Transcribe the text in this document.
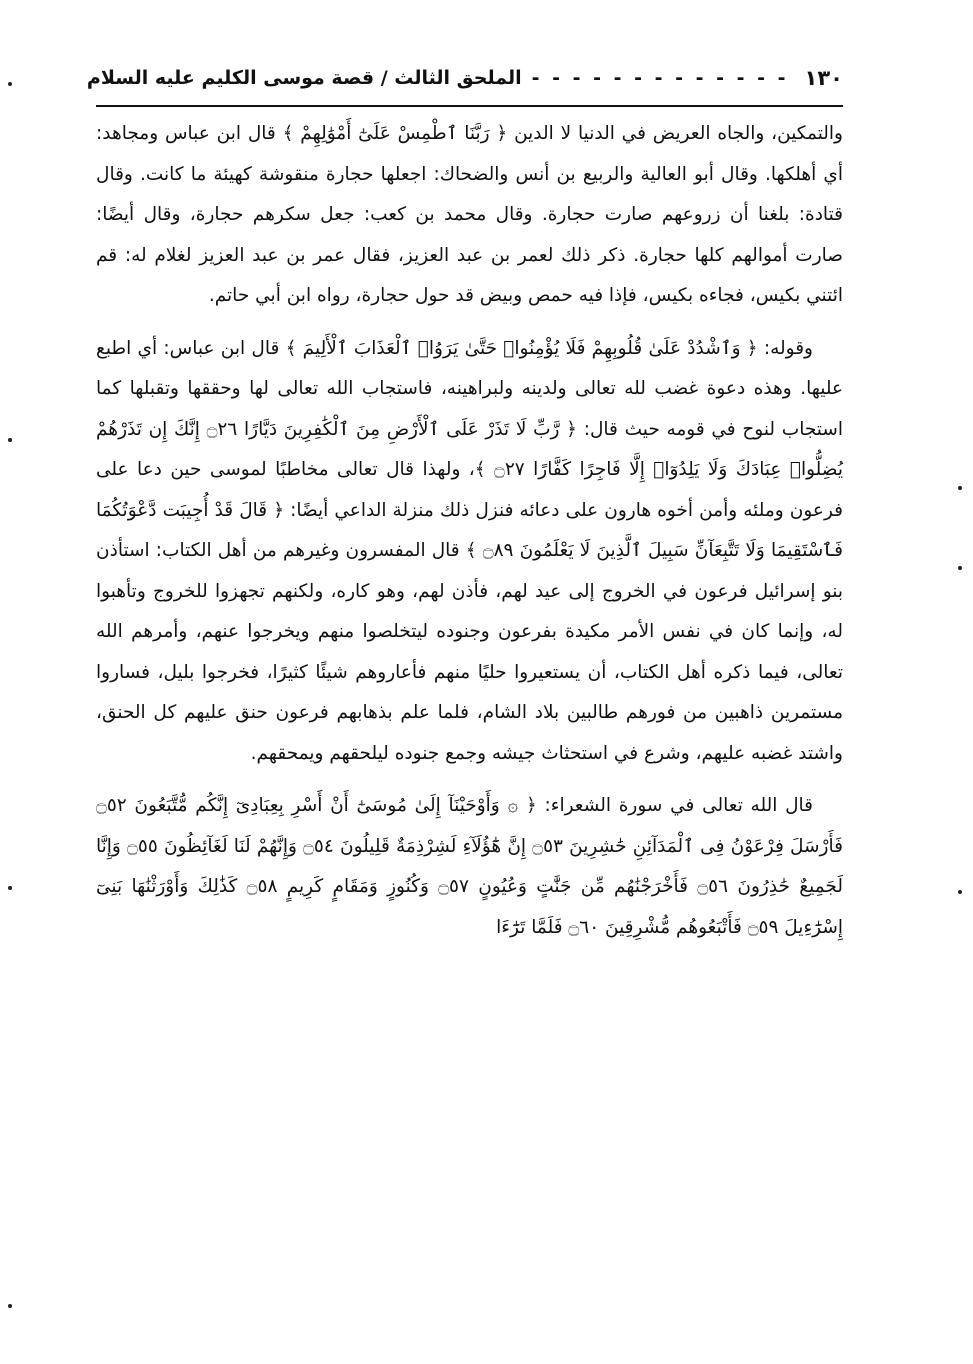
١٣٠
- - - - - - - - - - - - -
الملحق الثالث / قصة موسى الكليم عليه السلام

والتمكين، والجاه العريض في الدنيا لا الدين ﴿ رَبَّنَا ٱطْمِسْ عَلَىٰٓ أَمْوَٰلِهِمْ ﴾ قال ابن عباس ومجاهد: أي أهلكها. وقال أبو العالية والربيع بن أنس والضحاك: اجعلها حجارة منقوشة كهيئة ما كانت. وقال قتادة: بلغنا أن زروعهم صارت حجارة. وقال محمد بن كعب: جعل سكرهم حجارة، وقال أيضًا: صارت أموالهم كلها حجارة. ذكر ذلك لعمر بن عبد العزيز، فقال عمر بن عبد العزيز لغلام له: قم ائتني بكيس، فجاءه بكيس، فإذا فيه حمص وبيض قد حول حجارة، رواه ابن أبي حاتم.

وقوله: ﴿ وَٱشْدُدْ عَلَىٰ قُلُوبِهِمْ فَلَا يُؤْمِنُوا۟ حَتَّىٰ يَرَوُا۟ ٱلْعَذَابَ ٱلْأَلِيمَ ﴾ قال ابن عباس: أي اطبع عليها. وهذه دعوة غضب لله تعالى ولدينه ولبراهينه، فاستجاب الله تعالى لها وحققها وتقبلها كما استجاب لنوح في قومه حيث قال: ﴿ رَّبِّ لَا تَذَرْ عَلَى ٱلْأَرْضِ مِنَ ٱلْكَٰفِرِينَ دَيَّارًا ۝٢٦ إِنَّكَ إِن تَذَرْهُمْ يُضِلُّوا۟ عِبَادَكَ وَلَا يَلِدُوٓا۟ إِلَّا فَاجِرًا كَفَّارًا ۝٢٧ ﴾، ولهذا قال تعالى مخاطبًا لموسى حين دعا على فرعون وملئه وأمن أخوه هارون على دعائه فنزل ذلك منزلة الداعي أيضًا: ﴿ قَالَ قَدْ أُجِيبَت دَّعْوَتُكُمَا فَٱسْتَقِيمَا وَلَا تَتَّبِعَآنِّ سَبِيلَ ٱلَّذِينَ لَا يَعْلَمُونَ ۝٨٩ ﴾ قال المفسرون وغيرهم من أهل الكتاب: استأذن بنو إسرائيل فرعون في الخروج إلى عيد لهم، فأذن لهم، وهو كاره، ولكنهم تجهزوا للخروج وتأهبوا له، وإنما كان في نفس الأمر مكيدة بفرعون وجنوده ليتخلصوا منهم ويخرجوا عنهم، وأمرهم الله تعالى، فيما ذكره أهل الكتاب، أن يستعيروا حليًا منهم فأعاروهم شيئًا كثيرًا، فخرجوا بليل، فساروا مستمرين ذاهبين من فورهم طالبين بلاد الشام، فلما علم بذهابهم فرعون حنق عليهم كل الحنق، واشتد غضبه عليهم، وشرع في استحثاث جيشه وجمع جنوده ليلحقهم ويمحقهم.

قال الله تعالى في سورة الشعراء: ﴿ ۞ وَأَوْحَيْنَآ إِلَىٰ مُوسَىٰٓ أَنْ أَسْرِ بِعِبَادِىٓ إِنَّكُم مُّتَّبَعُونَ ۝٥٢ فَأَرْسَلَ فِرْعَوْنُ فِى ٱلْمَدَآئِنِ حَٰشِرِينَ ۝٥٣ إِنَّ هَٰٓؤُلَآءِ لَشِرْذِمَةٌ قَلِيلُونَ ۝٥٤ وَإِنَّهُمْ لَنَا لَغَآئِظُونَ ۝٥٥ وَإِنَّا لَجَمِيعٌ حَٰذِرُونَ ۝٥٦ فَأَخْرَجْنَٰهُم مِّن جَنَّٰتٍ وَعُيُونٍ ۝٥٧ وَكُنُوزٍ وَمَقَامٍ كَرِيمٍ ۝٥٨ كَذَٰلِكَ وَأَوْرَثْنَٰهَا بَنِىٓ إِسْرَٰٓءِيلَ ۝٥٩ فَأَتْبَعُوهُم مُّشْرِقِينَ ۝٦٠ فَلَمَّا تَرَٰٓءَا
